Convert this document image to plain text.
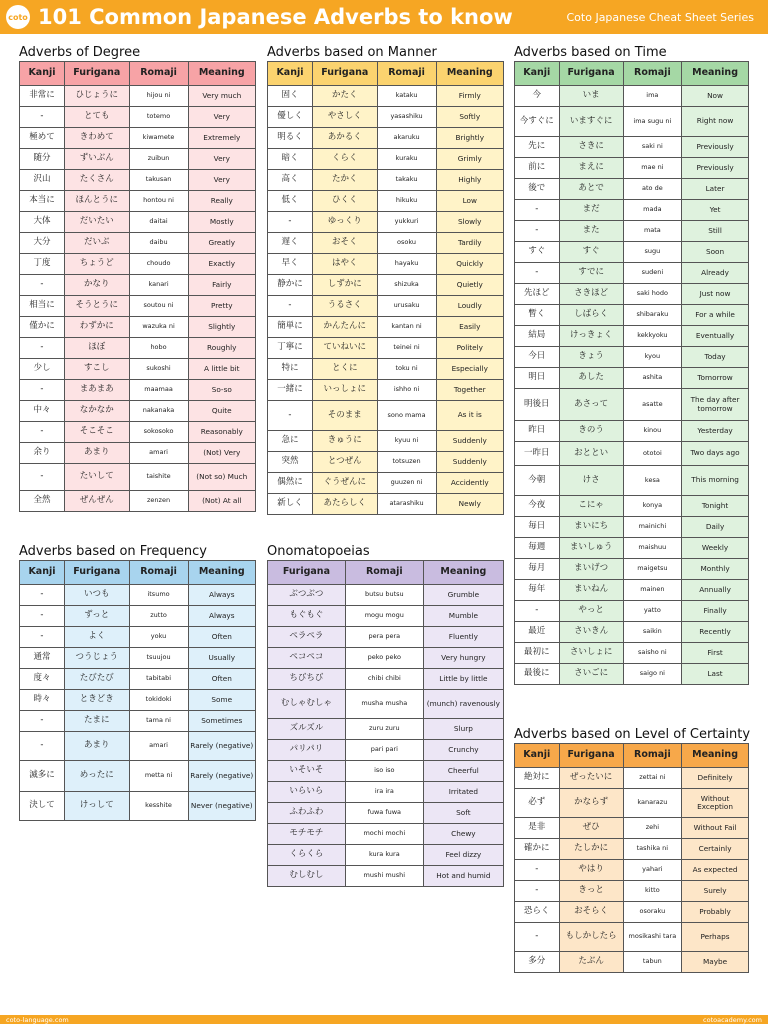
coto 101 Common Japanese Adverbs to know	Coto Japanese Cheat Sheet Series
Adverbs of Degree
Kanji	Furigana	Romaji	Meaning
非常に	ひじょうに	hijou ni	Very much
-	とても	totemo	Very
極めて	きわめて	kiwamete	Extremely
随分	ずいぶん	zuibun	Very
沢山	たくさん	takusan	Very
本当に	ほんとうに	hontou ni	Really
大体	だいたい	daitai	Mostly
大分	だいぶ	daibu	Greatly
丁度	ちょうど	choudo	Exactly
-	かなり	kanari	Fairly
相当に	そうとうに	soutou ni	Pretty
僅かに	わずかに	wazuka ni	Slightly
-	ほぼ	hobo	Roughly
少し	すこし	sukoshi	A little bit
-	まあまあ	maamaa	So-so
中々	なかなか	nakanaka	Quite
-	そこそこ	sokosoko	Reasonably
余り	あまり	amari	(Not) Very
-	たいして	taishite	(Not so) Much
全然	ぜんぜん	zenzen	(Not) At all
Adverbs based on Manner
Kanji	Furigana	Romaji	Meaning
固く	かたく	kataku	Firmly
優しく	やさしく	yasashiku	Softly
明るく	あかるく	akaruku	Brightly
暗く	くらく	kuraku	Grimly
高く	たかく	takaku	Highly
低く	ひくく	hikuku	Low
-	ゆっくり	yukkuri	Slowly
遅く	おそく	osoku	Tardily
早く	はやく	hayaku	Quickly
静かに	しずかに	shizuka	Quietly
-	うるさく	urusaku	Loudly
簡単に	かんたんに	kantan ni	Easily
丁寧に	ていねいに	teinei ni	Politely
特に	とくに	toku ni	Especially
一緒に	いっしょに	ishho ni	Together
-	そのまま	sono mama	As it is
急に	きゅうに	kyuu ni	Suddenly
突然	とつぜん	totsuzen	Suddenly
偶然に	ぐうぜんに	guuzen ni	Accidently
新しく	あたらしく	atarashiku	Newly
Adverbs based on Time
Kanji	Furigana	Romaji	Meaning
今	いま	ima	Now
今すぐに	いますぐに	ima sugu ni	Right now
先に	さきに	saki ni	Previously
前に	まえに	mae ni	Previously
後で	あとで	ato de	Later
-	まだ	mada	Yet
-	また	mata	Still
すぐ	すぐ	sugu	Soon
-	すでに	sudeni	Already
先ほど	さきほど	saki hodo	Just now
暫く	しばらく	shibaraku	For a while
結局	けっきょく	kekkyoku	Eventually
今日	きょう	kyou	Today
明日	あした	ashita	Tomorrow
明後日	あさって	asatte	The day after tomorrow
昨日	きのう	kinou	Yesterday
一昨日	おととい	ototoi	Two days ago
今朝	けさ	kesa	This morning
今夜	こにゃ	konya	Tonight
毎日	まいにち	mainichi	Daily
毎週	まいしゅう	maishuu	Weekly
毎月	まいげつ	maigetsu	Monthly
毎年	まいねん	mainen	Annually
-	やっと	yatto	Finally
最近	さいきん	saikin	Recently
最初に	さいしょに	saisho ni	First
最後に	さいごに	saigo ni	Last
Adverbs based on Frequency
Kanji	Furigana	Romaji	Meaning
-	いつも	itsumo	Always
-	ずっと	zutto	Always
-	よく	yoku	Often
通常	つうじょう	tsuujou	Usually
度々	たびたび	tabitabi	Often
時々	ときどき	tokidoki	Some
-	たまに	tama ni	Sometimes
-	あまり	amari	Rarely (negative)
滅多に	めったに	metta ni	Rarely (negative)
決して	けっして	kesshite	Never (negative)
Onomatopoeias
Furigana	Romaji	Meaning
ぶつぶつ	butsu butsu	Grumble
もぐもぐ	mogu mogu	Mumble
ペラペラ	pera pera	Fluently
ペコペコ	peko peko	Very hungry
ちびちび	chibi chibi	Little by little
むしゃむしゃ	musha musha	(munch) ravenously
ズルズル	zuru zuru	Slurp
パリパリ	pari pari	Crunchy
いそいそ	iso iso	Cheerful
いらいら	ira ira	Irritated
ふわふわ	fuwa fuwa	Soft
モチモチ	mochi mochi	Chewy
くらくら	kura kura	Feel dizzy
むしむし	mushi mushi	Hot and humid
Adverbs based on Level of Certainty
Kanji	Furigana	Romaji	Meaning
絶対に	ぜったいに	zettai ni	Definitely
必ず	かならず	kanarazu	Without Exception
是非	ぜひ	zehi	Without Fail
確かに	たしかに	tashika ni	Certainly
-	やはり	yahari	As expected
-	きっと	kitto	Surely
恐らく	おそらく	osoraku	Probably
-	もしかしたら	mosikashi tara	Perhaps
多分	たぶん	tabun	Maybe
coto-language.com	cotoacademy.com
